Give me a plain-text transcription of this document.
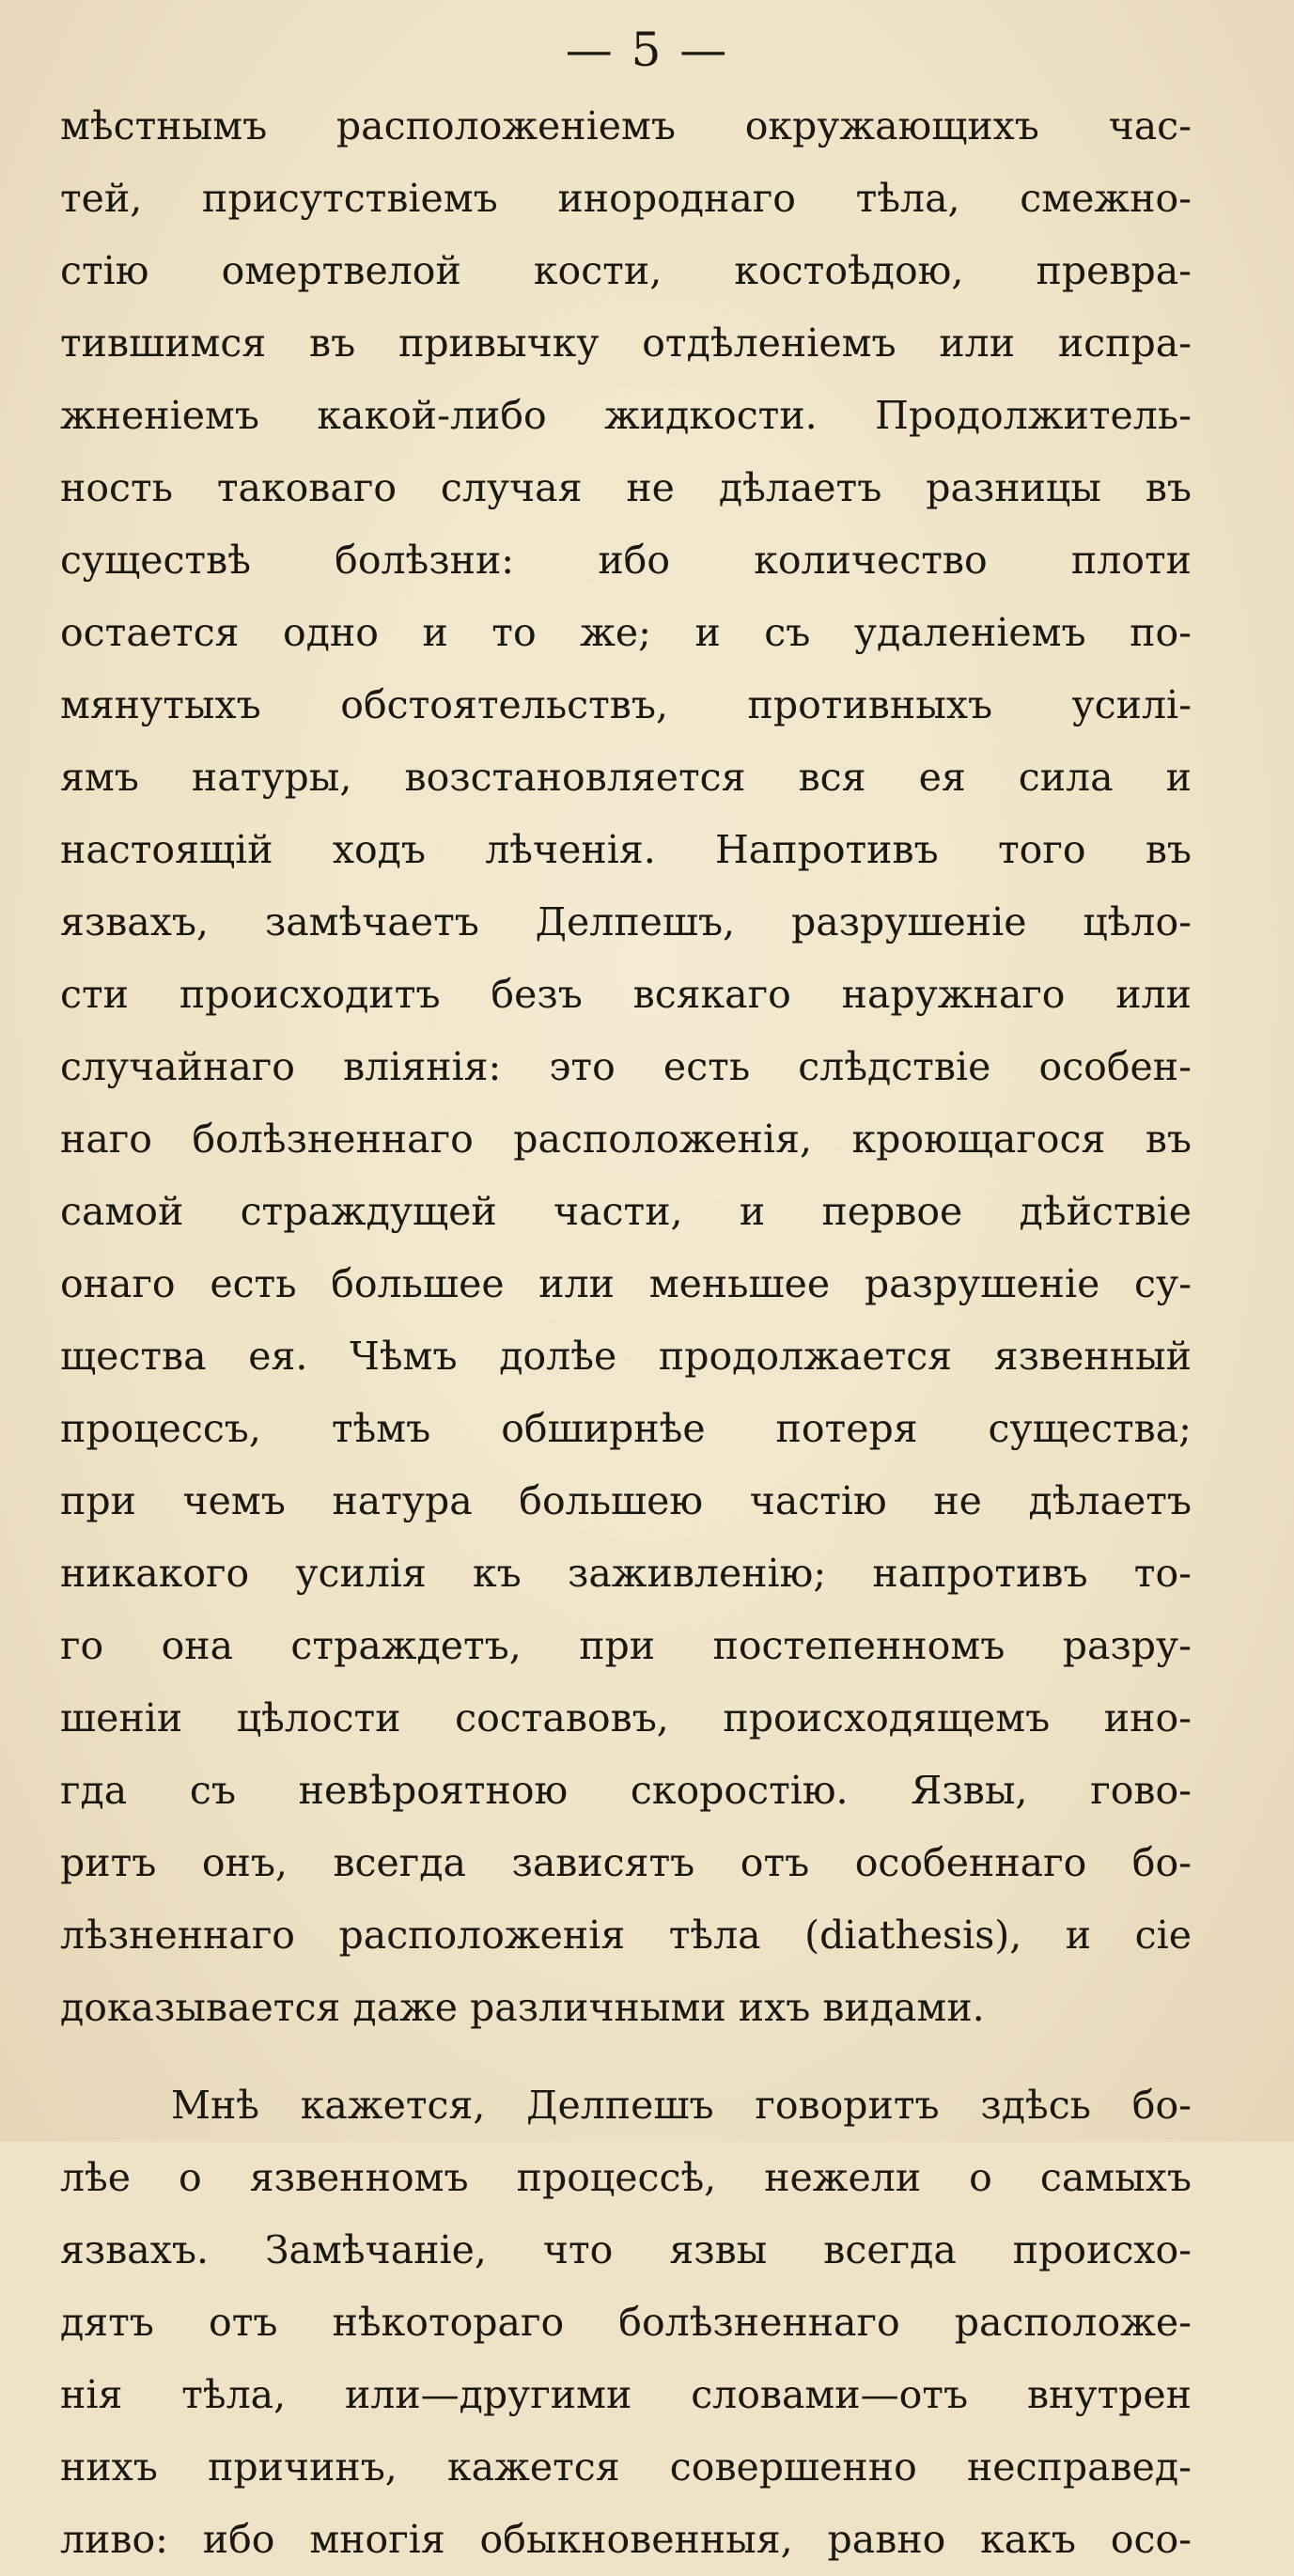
— 5 —
мѣстнымъ расположеніемъ окружающихъ час-
тей, присутствіемъ инороднаго тѣла, смежно-
стію омертвелой кости, костоѣдою, превра-
тившимся въ привычку отдѣленіемъ или испра-
жненіемъ какой-либо жидкости. Продолжитель-
ность таковаго случая не дѣлаетъ разницы въ
существѣ болѣзни: ибо количество плоти
остается одно и то же; и съ удаленіемъ по-
мянутыхъ обстоятельствъ, противныхъ усилі-
ямъ натуры, возстановляется вся ея сила и
настоящій ходъ лѣченія. Напротивъ того въ
язвахъ, замѣчаетъ Делпешъ, разрушеніе цѣло-
сти происходитъ безъ всякаго наружнаго или
случайнаго вліянія: это есть слѣдствіе особен-
наго болѣзненнаго расположенія, кроющагося въ
самой страждущей части, и первое дѣйствіе
онаго есть большее или меньшее разрушеніе су-
щества ея. Чѣмъ долѣе продолжается язвенный
процессъ, тѣмъ обширнѣе потеря существа;
при чемъ натура большею частію не дѣлаетъ
никакого усилія къ заживленію; напротивъ то-
го она страждетъ, при постепенномъ разру-
шеніи цѣлости составовъ, происходящемъ ино-
гда съ невѣроятною скоростію. Язвы, гово-
ритъ онъ, всегда зависятъ отъ особеннаго бо-
лѣзненнаго расположенія тѣла (diathesis), и сіе
доказывается даже различными ихъ видами.
Мнѣ кажется, Делпешъ говоритъ здѣсь бо-
лѣе о язвенномъ процессѣ, нежели о самыхъ
язвахъ. Замѣчаніе, что язвы всегда происхо-
дятъ отъ нѣкотораго болѣзненнаго расположе-
нія тѣла, или—другими словами—отъ внутрен
нихъ причинъ, кажется совершенно несправед-
ливо: ибо многія обыкновенныя, равно какъ осо-
